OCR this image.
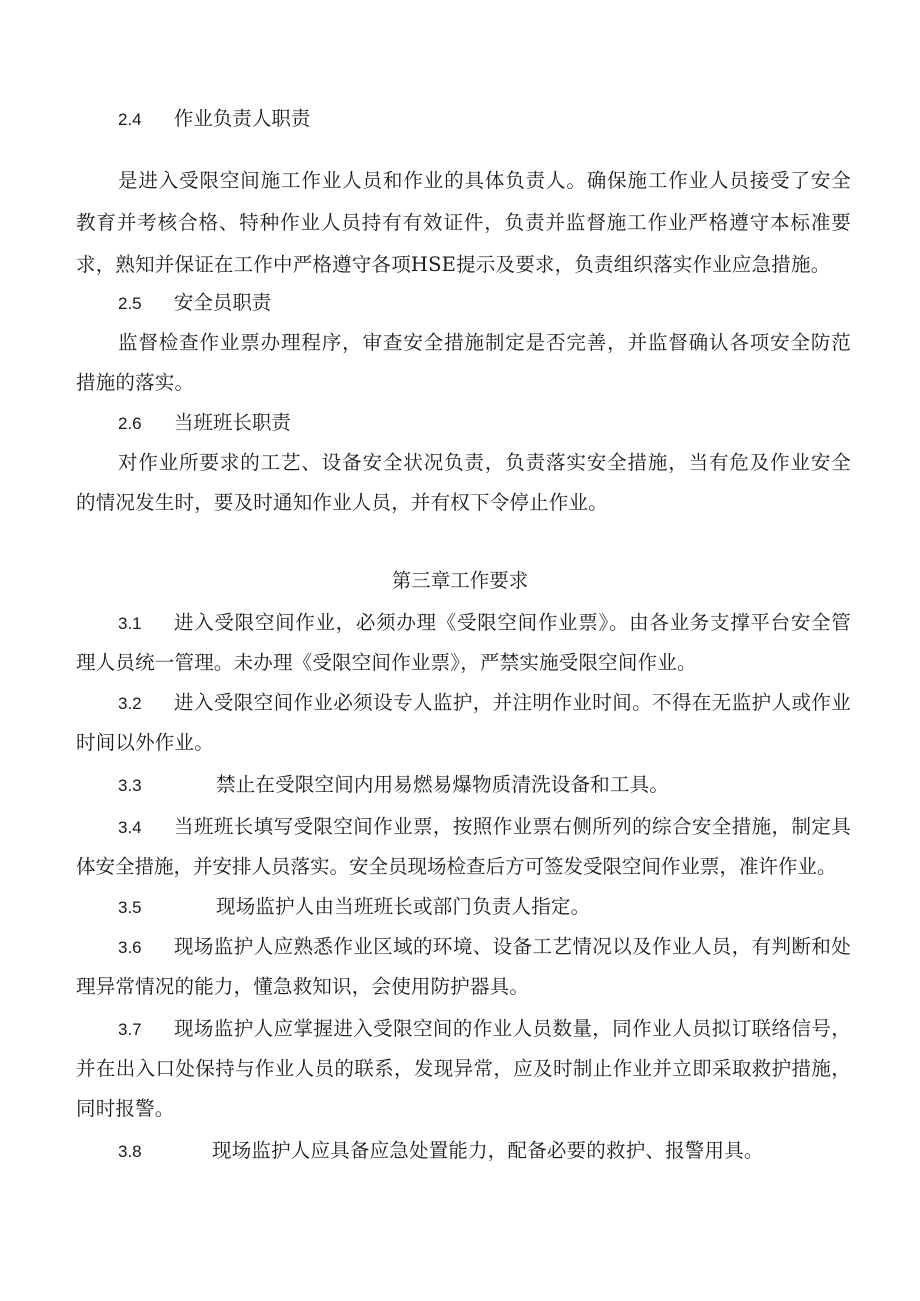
2.4 作业负责人职责
是进入受限空间施工作业人员和作业的具体负责人。确保施工作业人员接受了安全
教育并考核合格、特种作业人员持有有效证件，负责并监督施工作业严格遵守本标准要
求，熟知并保证在工作中严格遵守各项HSE提示及要求，负责组织落实作业应急措施。
2.5 安全员职责
监督检查作业票办理程序，审查安全措施制定是否完善，并监督确认各项安全防范
措施的落实。
2.6 当班班长职责
对作业所要求的工艺、设备安全状况负责，负责落实安全措施，当有危及作业安全
的情况发生时，要及时通知作业人员，并有权下令停止作业。
第三章工作要求
3.1 进入受限空间作业，必须办理《受限空间作业票》。由各业务支撑平台安全管
理人员统一管理。未办理《受限空间作业票》，严禁实施受限空间作业。
3.2 进入受限空间作业必须设专人监护，并注明作业时间。不得在无监护人或作业
时间以外作业。
3.3	禁止在受限空间内用易燃易爆物质清洗设备和工具。
3.4 当班班长填写受限空间作业票，按照作业票右侧所列的综合安全措施，制定具
体安全措施，并安排人员落实。安全员现场检查后方可签发受限空间作业票，准许作业。
3.5	现场监护人由当班班长或部门负责人指定。
3.6 现场监护人应熟悉作业区域的环境、设备工艺情况以及作业人员，有判断和处
理异常情况的能力，懂急救知识，会使用防护器具。
3.7 现场监护人应掌握进入受限空间的作业人员数量，同作业人员拟订联络信号，
并在出入口处保持与作业人员的联系，发现异常，应及时制止作业并立即采取救护措施，
同时报警。
3.8	现场监护人应具备应急处置能力，配备必要的救护、报警用具。
